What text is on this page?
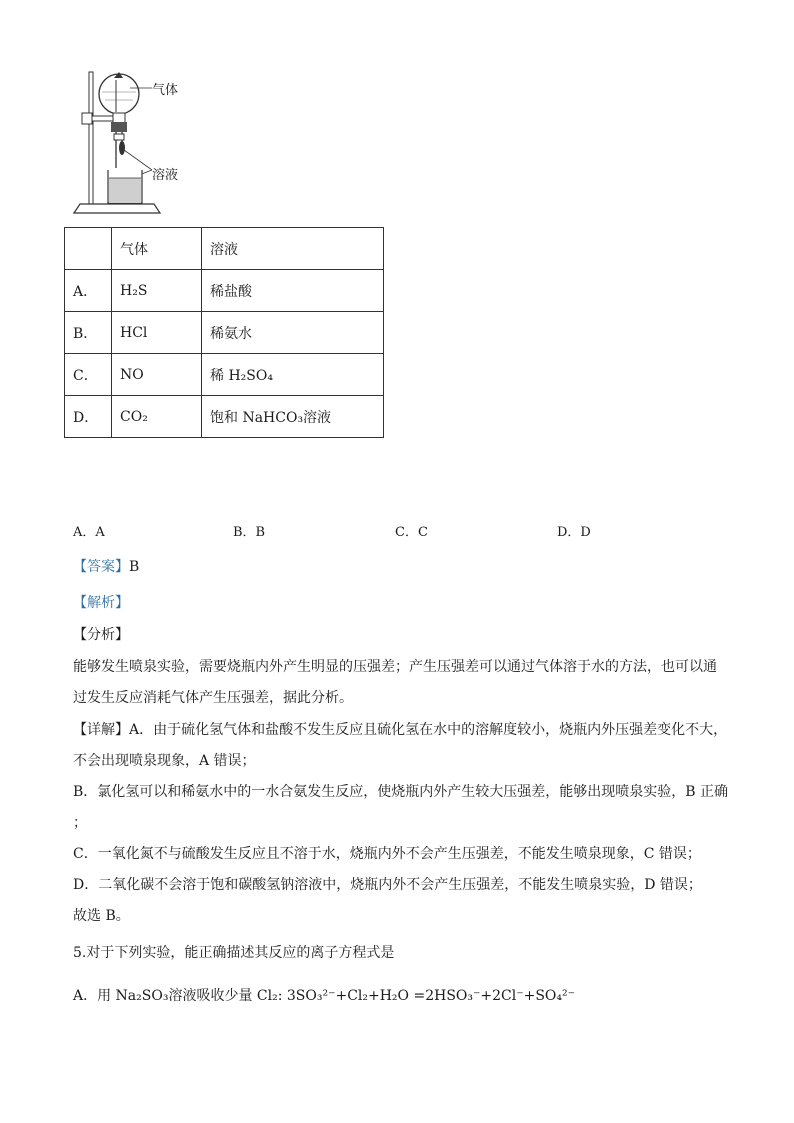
气体
溶液
	气体	溶液
A．	H₂S	稀盐酸
B．	HCl	稀氨水
C．	NO	稀 H₂SO₄
D．	CO₂	饱和 NaHCO₃溶液
A．A	B．B	C．C	D．D
【答案】B
【解析】
【分析】
能够发生喷泉实验，需要烧瓶内外产生明显的压强差；产生压强差可以通过气体溶于水的方法，也可以通
过发生反应消耗气体产生压强差，据此分析。
【详解】A．由于硫化氢气体和盐酸不发生反应且硫化氢在水中的溶解度较小，烧瓶内外压强差变化不大，
不会出现喷泉现象，A 错误；
B．氯化氢可以和稀氨水中的一水合氨发生反应，使烧瓶内外产生较大压强差，能够出现喷泉实验，B 正确
；
C．一氧化氮不与硫酸发生反应且不溶于水，烧瓶内外不会产生压强差，不能发生喷泉现象，C 错误；
D．二氧化碳不会溶于饱和碳酸氢钠溶液中，烧瓶内外不会产生压强差，不能发生喷泉实验，D 错误；
故选 B。
5.对于下列实验，能正确描述其反应的离子方程式是
A．用 Na₂SO₃溶液吸收少量 Cl₂: 3SO₃²⁻+Cl₂+H₂O =2HSO₃⁻+2Cl⁻+SO₄²⁻
